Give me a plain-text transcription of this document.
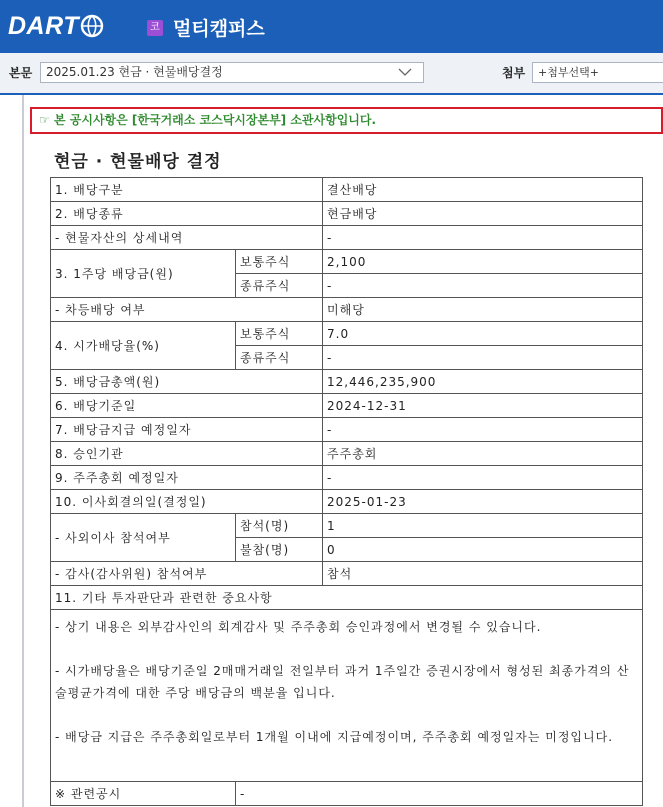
DART	코 멀티캠퍼스
본문	2025.01.23 현금 · 현물배당결정	첨부	+첨부선택+
☞ 본 공시사항은 [한국거래소 코스닥시장본부] 소관사항입니다.
현금 · 현물배당 결정
1. 배당구분		결산배당
2. 배당종류		현금배당
- 현물자산의 상세내역		-
3. 1주당 배당금(원)	보통주식	2,100
	종류주식	-
- 차등배당 여부		미해당
4. 시가배당율(%)	보통주식	7.0
	종류주식	-
5. 배당금총액(원)		12,446,235,900
6. 배당기준일		2024-12-31
7. 배당금지급 예정일자		-
8. 승인기관		주주총회
9. 주주총회 예정일자		-
10. 이사회결의일(결정일)		2025-01-23
- 사외이사 참석여부	참석(명)	1
	불참(명)	0
- 감사(감사위원) 참석여부		참석
11. 기타 투자판단과 관련한 중요사항		

- 상기 내용은 외부감사인의 회계감사 및 주주총회 승인과정에서 변경될 수 있습니다.
- 시가배당율은 배당기준일 2매매거래일 전일부터 과거 1주일간 증권시장에서 형성된 최종가격의 산술평균가격에 대한 주당 배당금의 백분율 입니다.
- 배당금 지급은 주주총회일로부터 1개월 이내에 지급예정이며, 주주총회 예정일자는 미정입니다.		

※ 관련공시	-	
